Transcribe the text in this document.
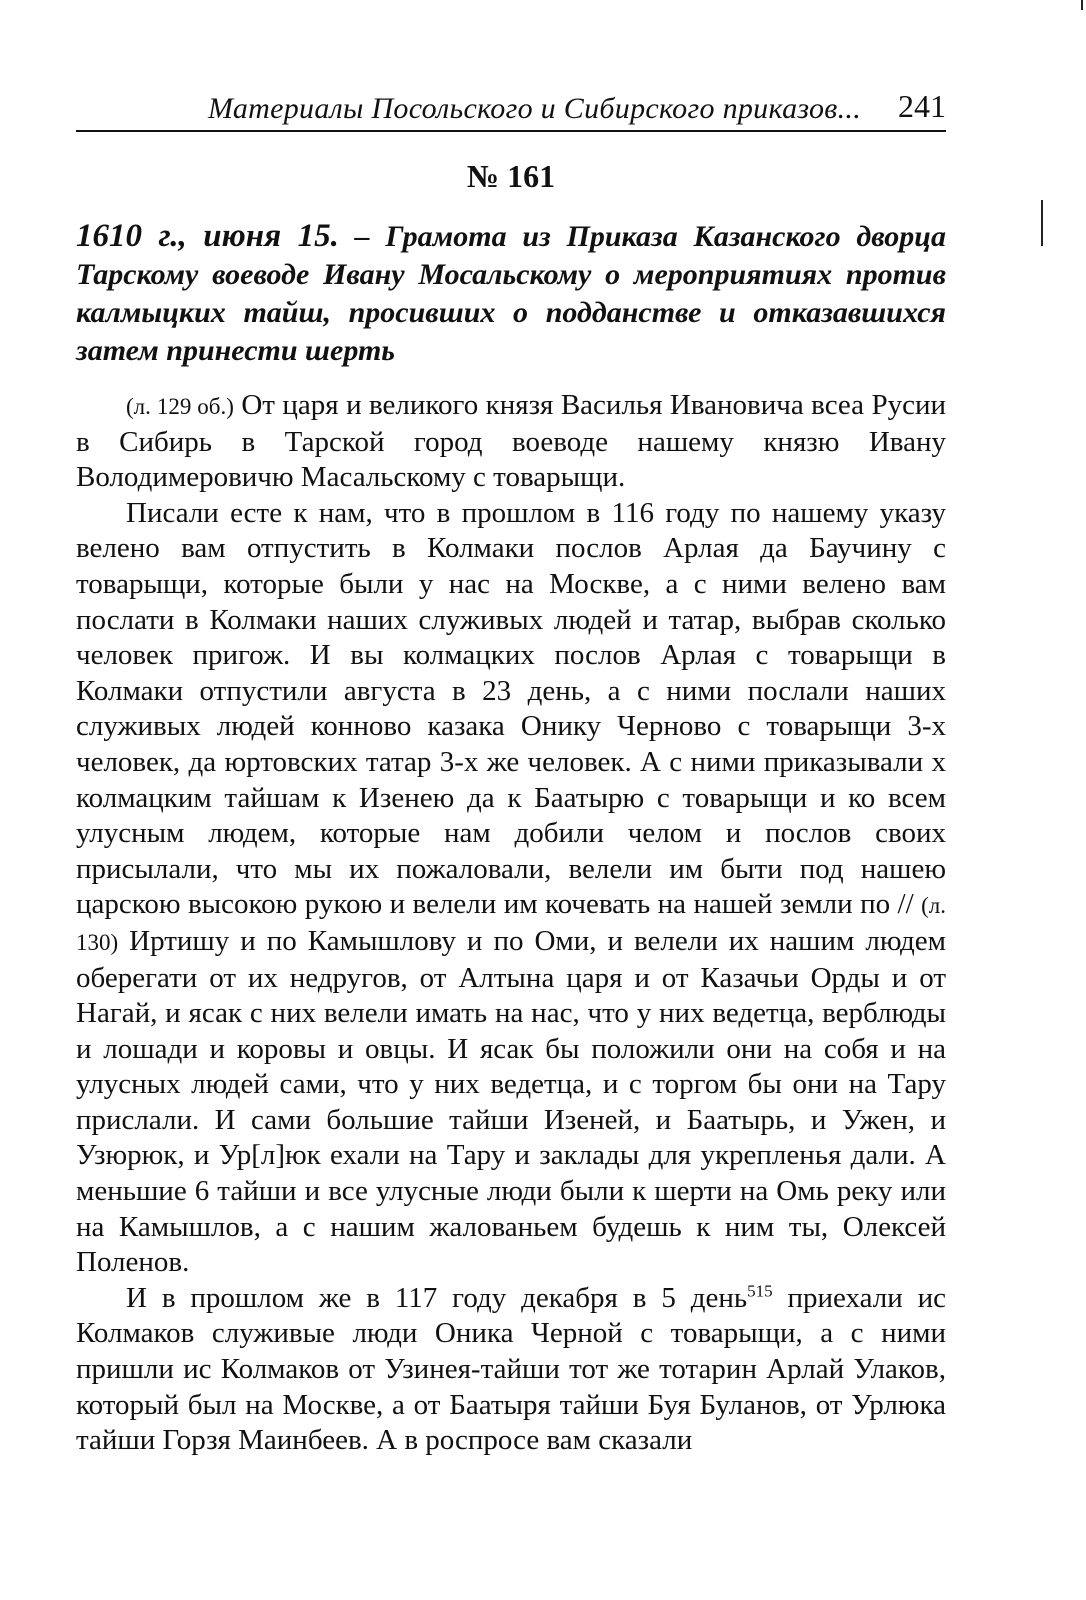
Материалы Посольского и Сибирского приказов... 241
№ 161
1610 г., июня 15. – Грамота из Приказа Казанского дворца Тарскому воеводе Ивану Мосальскому о мероприятиях против калмыцких тайш, просивших о подданстве и отказавшихся затем принести шерть

(л. 129 об.) От царя и великого князя Василья Ивановича всеа Русии в Сибирь в Тарской город воеводе нашему князю Ивану Володимеровичю Масальскому с товарыщи.

Писали есте к нам, что в прошлом в 116 году по нашему указу велено вам отпустить в Колмаки послов Арлая да Баучину с товарыщи, которые были у нас на Москве, а с ними велено вам послати в Колмаки наших служивых людей и татар, выбрав сколько человек пригож. И вы колмацких послов Арлая с товарыщи в Колмаки отпустили августа в 23 день, а с ними послали наших служивых людей конново казака Онику Черново с товарыщи 3-х человек, да юртовских татар 3-х же человек. А с ними приказывали х колмацким тайшам к Изенею да к Баатырю с товарыщи и ко всем улусным людем, которые нам добили челом и послов своих присылали, что мы их пожаловали, велели им быти под нашею царскою высокою рукою и велели им кочевать на нашей земли по // (л. 130) Иртишу и по Камышлову и по Оми, и велели их нашим людем оберегати от их недругов, от Алтына царя и от Казачьи Орды и от Нагай, и ясак с них велели имать на нас, что у них ведетца, верблюды и лошади и коровы и овцы. И ясак бы положили они на собя и на улусных людей сами, что у них ведетца, и с торгом бы они на Тару прислали. И сами большие тайши Изеней, и Баатырь, и Ужен, и Узюрюк, и Ур[л]юк ехали на Тару и заклады для укрепленья дали. А меньшие 6 тайши и все улусные люди были к шерти на Омь реку или на Камышлов, а с нашим жалованьем будешь к ним ты, Олексей Поленов.

И в прошлом же в 117 году декабря в 5 день$^{515}$ приехали ис Колмаков служивые люди Оника Черной с товарыщи, а с ними пришли ис Колмаков от Узинея-тайши тот же тотарин Арлай Улаков, который был на Москве, а от Баатыря тайши Буя Буланов, от Урлюка тайши Горзя Маинбеев. А в роспросе вам сказали
